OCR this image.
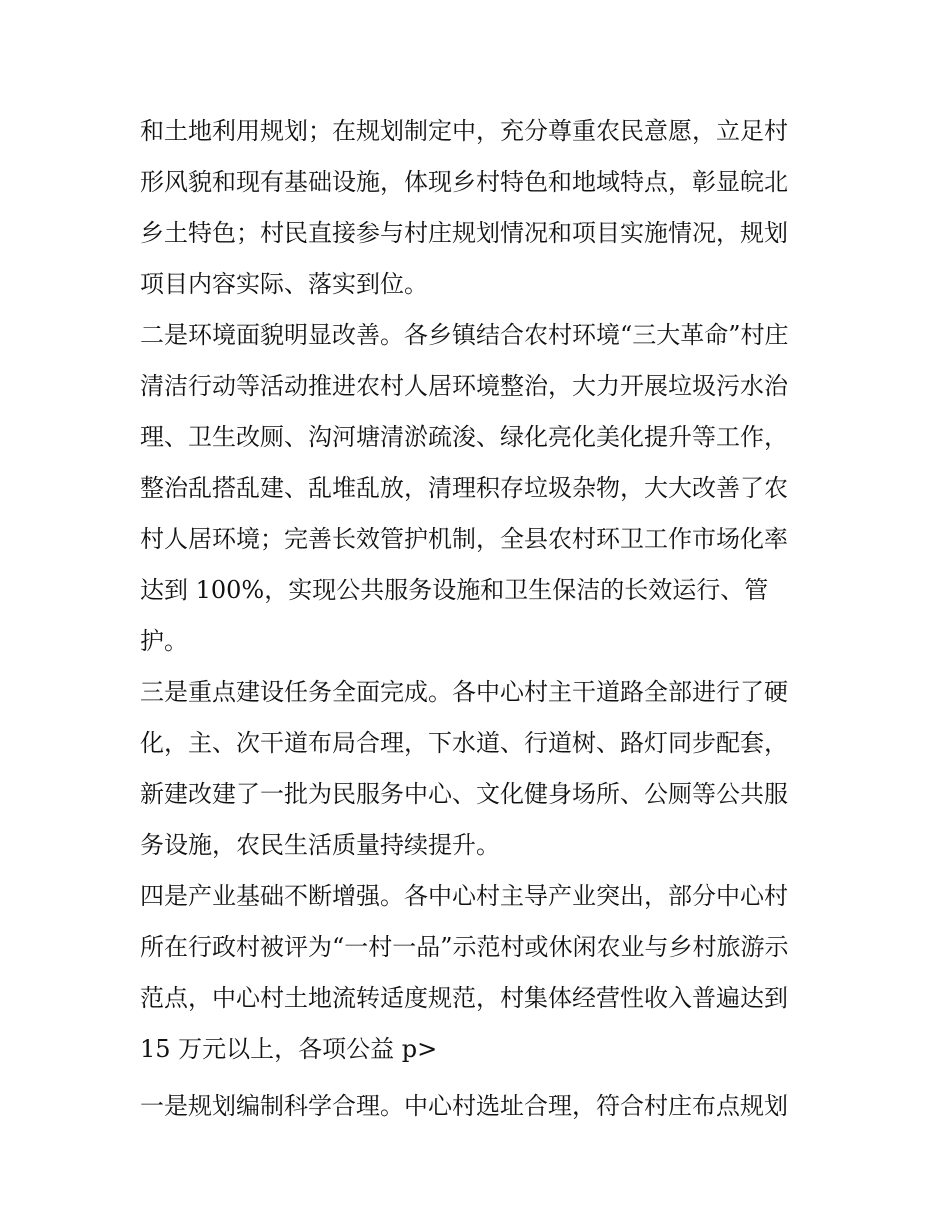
和土地利用规划；在规划制定中，充分尊重农民意愿，立足村
形风貌和现有基础设施，体现乡村特色和地域特点，彰显皖北
乡土特色；村民直接参与村庄规划情况和项目实施情况，规划
项目内容实际、落实到位。
二是环境面貌明显改善。各乡镇结合农村环境“三大革命”村庄
清洁行动等活动推进农村人居环境整治，大力开展垃圾污水治
理、卫生改厕、沟河塘清淤疏浚、绿化亮化美化提升等工作，
整治乱搭乱建、乱堆乱放，清理积存垃圾杂物，大大改善了农
村人居环境；完善长效管护机制，全县农村环卫工作市场化率
达到 100%，实现公共服务设施和卫生保洁的长效运行、管
护。
三是重点建设任务全面完成。各中心村主干道路全部进行了硬
化，主、次干道布局合理，下水道、行道树、路灯同步配套，
新建改建了一批为民服务中心、文化健身场所、公厕等公共服
务设施，农民生活质量持续提升。
四是产业基础不断增强。各中心村主导产业突出，部分中心村
所在行政村被评为“一村一品”示范村或休闲农业与乡村旅游示
范点，中心村土地流转适度规范，村集体经营性收入普遍达到
15 万元以上，各项公益 p>
一是规划编制科学合理。中心村选址合理，符合村庄布点规划
